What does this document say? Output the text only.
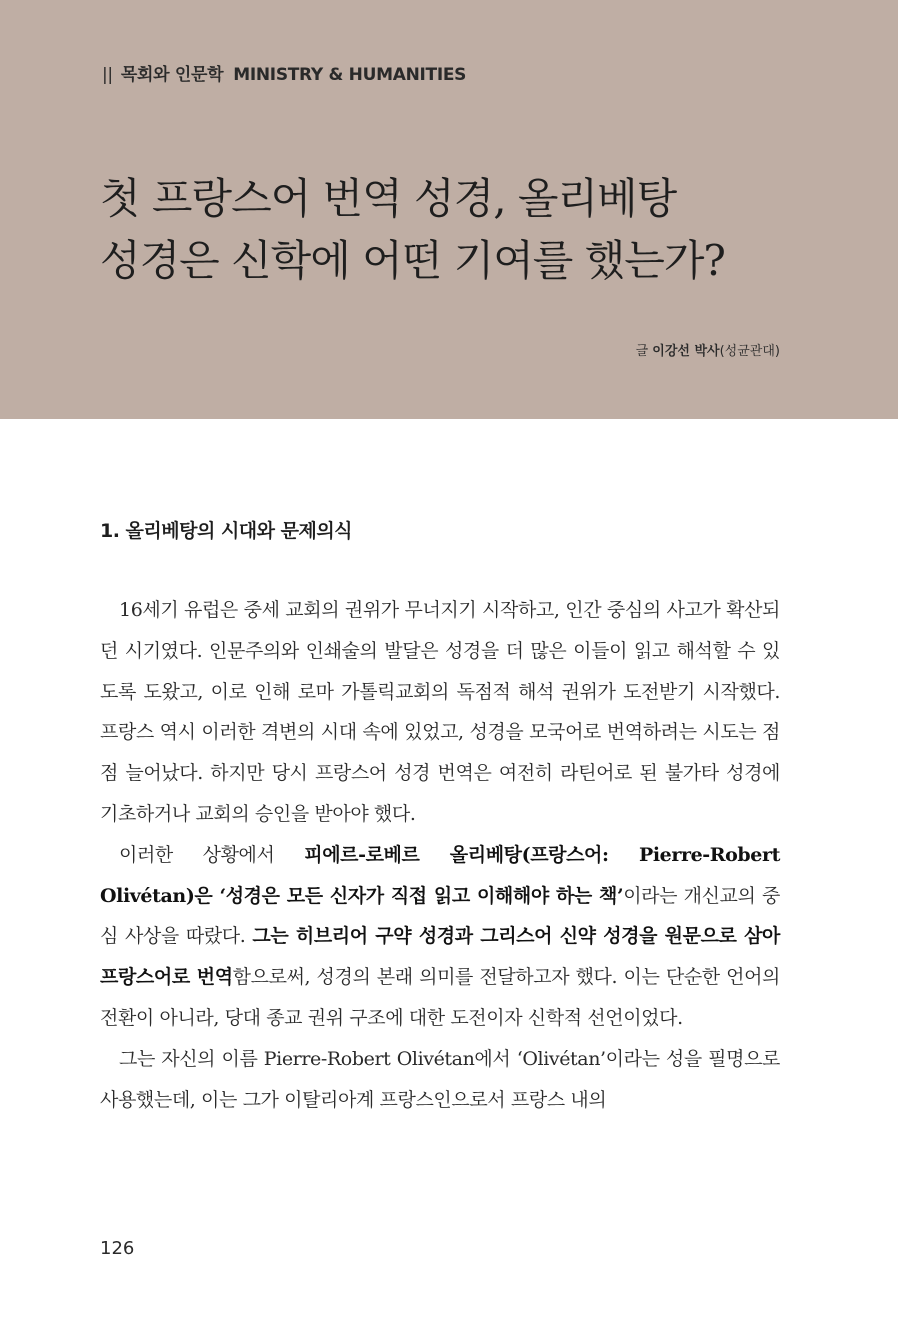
|| 목회와 인문학 MINISTRY & HUMANITIES
첫 프랑스어 번역 성경, 올리베탕
성경은 신학에 어떤 기여를 했는가?
글 이강선 박사(성균관대)
1. 올리베탕의 시대와 문제의식

16세기 유럽은 중세 교회의 권위가 무너지기 시작하고, 인간 중심의 사고가 확산되던 시기였다. 인문주의와 인쇄술의 발달은 성경을 더 많은 이들이 읽고 해석할 수 있도록 도왔고, 이로 인해 로마 가톨릭교회의 독점적 해석 권위가 도전받기 시작했다. 프랑스 역시 이러한 격변의 시대 속에 있었고, 성경을 모국어로 번역하려는 시도는 점점 늘어났다. 하지만 당시 프랑스어 성경 번역은 여전히 라틴어로 된 불가타 성경에 기초하거나 교회의 승인을 받아야 했다.

이러한 상황에서 피에르-로베르 올리베탕(프랑스어: Pierre-Robert Olivétan)은 ‘성경은 모든 신자가 직접 읽고 이해해야 하는 책’이라는 개신교의 중심 사상을 따랐다. 그는 히브리어 구약 성경과 그리스어 신약 성경을 원문으로 삼아 프랑스어로 번역함으로써, 성경의 본래 의미를 전달하고자 했다. 이는 단순한 언어의 전환이 아니라, 당대 종교 권위 구조에 대한 도전이자 신학적 선언이었다.

그는 자신의 이름 Pierre-Robert Olivétan에서 ‘Olivétan’이라는 성을 필명으로 사용했는데, 이는 그가 이탈리아계 프랑스인으로서 프랑스 내의

126
